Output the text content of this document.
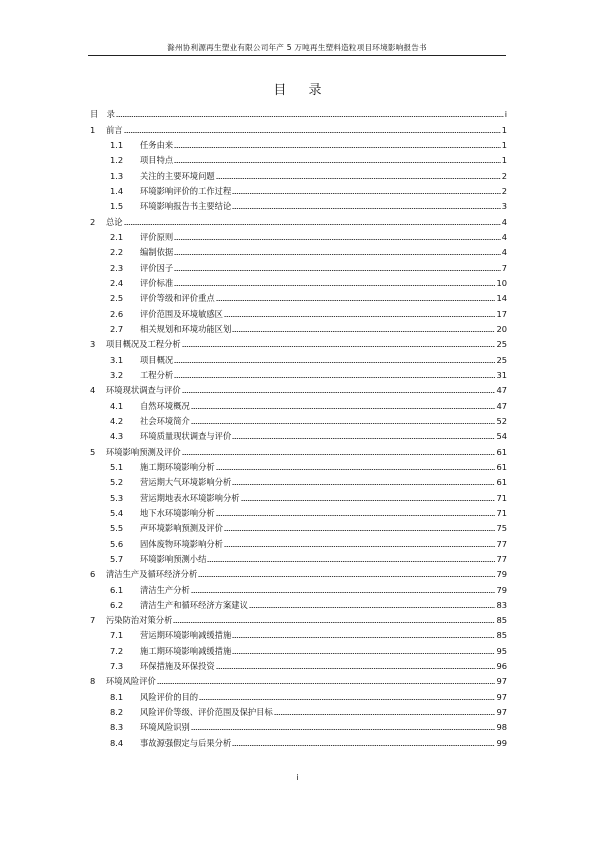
滁州协利源再生塑业有限公司年产 5 万吨再生塑料造粒项目环境影响报告书
目 录
目　录	i
1	前言	1
1.1	任务由来	1
1.2	项目特点	1
1.3	关注的主要环境问题	2
1.4	环境影响评价的工作过程	2
1.5	环境影响报告书主要结论	3
2	总论	4
2.1	评价原则	4
2.2	编制依据	4
2.3	评价因子	7
2.4	评价标准	10
2.5	评价等级和评价重点	14
2.6	评价范围及环境敏感区	17
2.7	相关规划和环境功能区划	20
3	项目概况及工程分析	25
3.1	项目概况	25
3.2	工程分析	31
4	环境现状调查与评价	47
4.1	自然环境概况	47
4.2	社会环境简介	52
4.3	环境质量现状调查与评价	54
5	环境影响预测及评价	61
5.1	施工期环境影响分析	61
5.2	营运期大气环境影响分析	61
5.3	营运期地表水环境影响分析	71
5.4	地下水环境影响分析	71
5.5	声环境影响预测及评价	75
5.6	固体废物环境影响分析	77
5.7	环境影响预测小结	77
6	清洁生产及循环经济分析	79
6.1	清洁生产分析	79
6.2	清洁生产和循环经济方案建议	83
7	污染防治对策分析	85
7.1	营运期环境影响减缓措施	85
7.2	施工期环境影响减缓措施	95
7.3	环保措施及环保投资	96
8	环境风险评价	97
8.1	风险评价的目的	97
8.2	风险评价等级、评价范围及保护目标	97
8.3	环境风险识别	98
8.4	事故源强假定与后果分析	99
i
